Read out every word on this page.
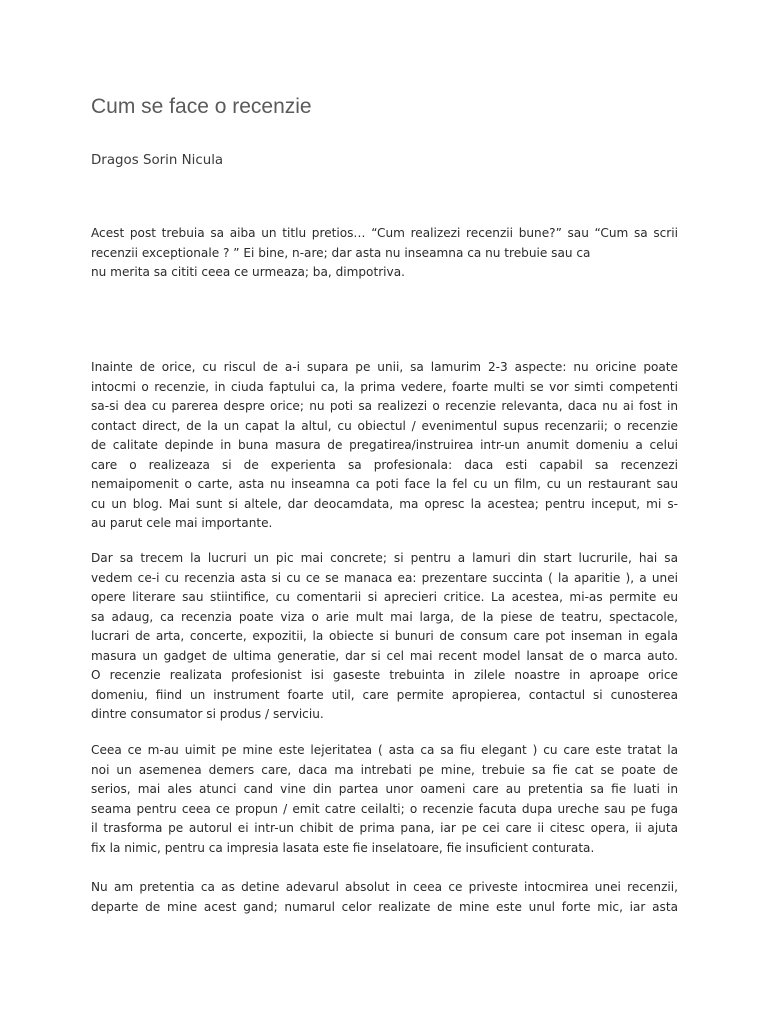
Cum se face o recenzie

Dragos Sorin Nicula

Acest post trebuia sa aiba un titlu pretios… “Cum realizezi recenzii bune?” sau “Cum sa scrii
recenzii exceptionale ? ” Ei bine, n-are; dar asta nu inseamna ca nu trebuie sau ca
nu merita sa cititi ceea ce urmeaza; ba, dimpotriva.
Inainte de orice, cu riscul de a-i supara pe unii, sa lamurim 2-3 aspecte: nu oricine poate
intocmi o recenzie, in ciuda faptului ca, la prima vedere, foarte multi se vor simti competenti
sa-si dea cu parerea despre orice; nu poti sa realizezi o recenzie relevanta, daca nu ai fost in
contact direct, de la un capat la altul, cu obiectul / evenimentul supus recenzarii; o recenzie
de calitate depinde in buna masura de pregatirea/instruirea intr-un anumit domeniu a celui
care o realizeaza si de experienta sa profesionala: daca esti capabil sa recenzezi
nemaipomenit o carte, asta nu inseamna ca poti face la fel cu un film, cu un restaurant sau
cu un blog. Mai sunt si altele, dar deocamdata, ma opresc la acestea; pentru inceput, mi s-
au parut cele mai importante.
Dar sa trecem la lucruri un pic mai concrete; si pentru a lamuri din start lucrurile, hai sa
vedem ce-i cu recenzia asta si cu ce se manaca ea: prezentare succinta ( la aparitie ), a unei
opere literare sau stiintifice, cu comentarii si aprecieri critice. La acestea, mi-as permite eu
sa adaug, ca recenzia poate viza o arie mult mai larga, de la piese de teatru, spectacole,
lucrari de arta, concerte, expozitii, la obiecte si bunuri de consum care pot inseman in egala
masura un gadget de ultima generatie, dar si cel mai recent model lansat de o marca auto.
O recenzie realizata profesionist isi gaseste trebuinta in zilele noastre in aproape orice
domeniu, fiind un instrument foarte util, care permite apropierea, contactul si cunosterea
dintre consumator si produs / serviciu.
Ceea ce m-au uimit pe mine este lejeritatea ( asta ca sa fiu elegant ) cu care este tratat la
noi un asemenea demers care, daca ma intrebati pe mine, trebuie sa fie cat se poate de
serios, mai ales atunci cand vine din partea unor oameni care au pretentia sa fie luati in
seama pentru ceea ce propun / emit catre ceilalti; o recenzie facuta dupa ureche sau pe fuga
il trasforma pe autorul ei intr-un chibit de prima pana, iar pe cei care ii citesc opera, ii ajuta
fix la nimic, pentru ca impresia lasata este fie inselatoare, fie insuficient conturata.
Nu am pretentia ca as detine adevarul absolut in ceea ce priveste intocmirea unei recenzii,
departe de mine acest gand; numarul celor realizate de mine este unul forte mic, iar asta
